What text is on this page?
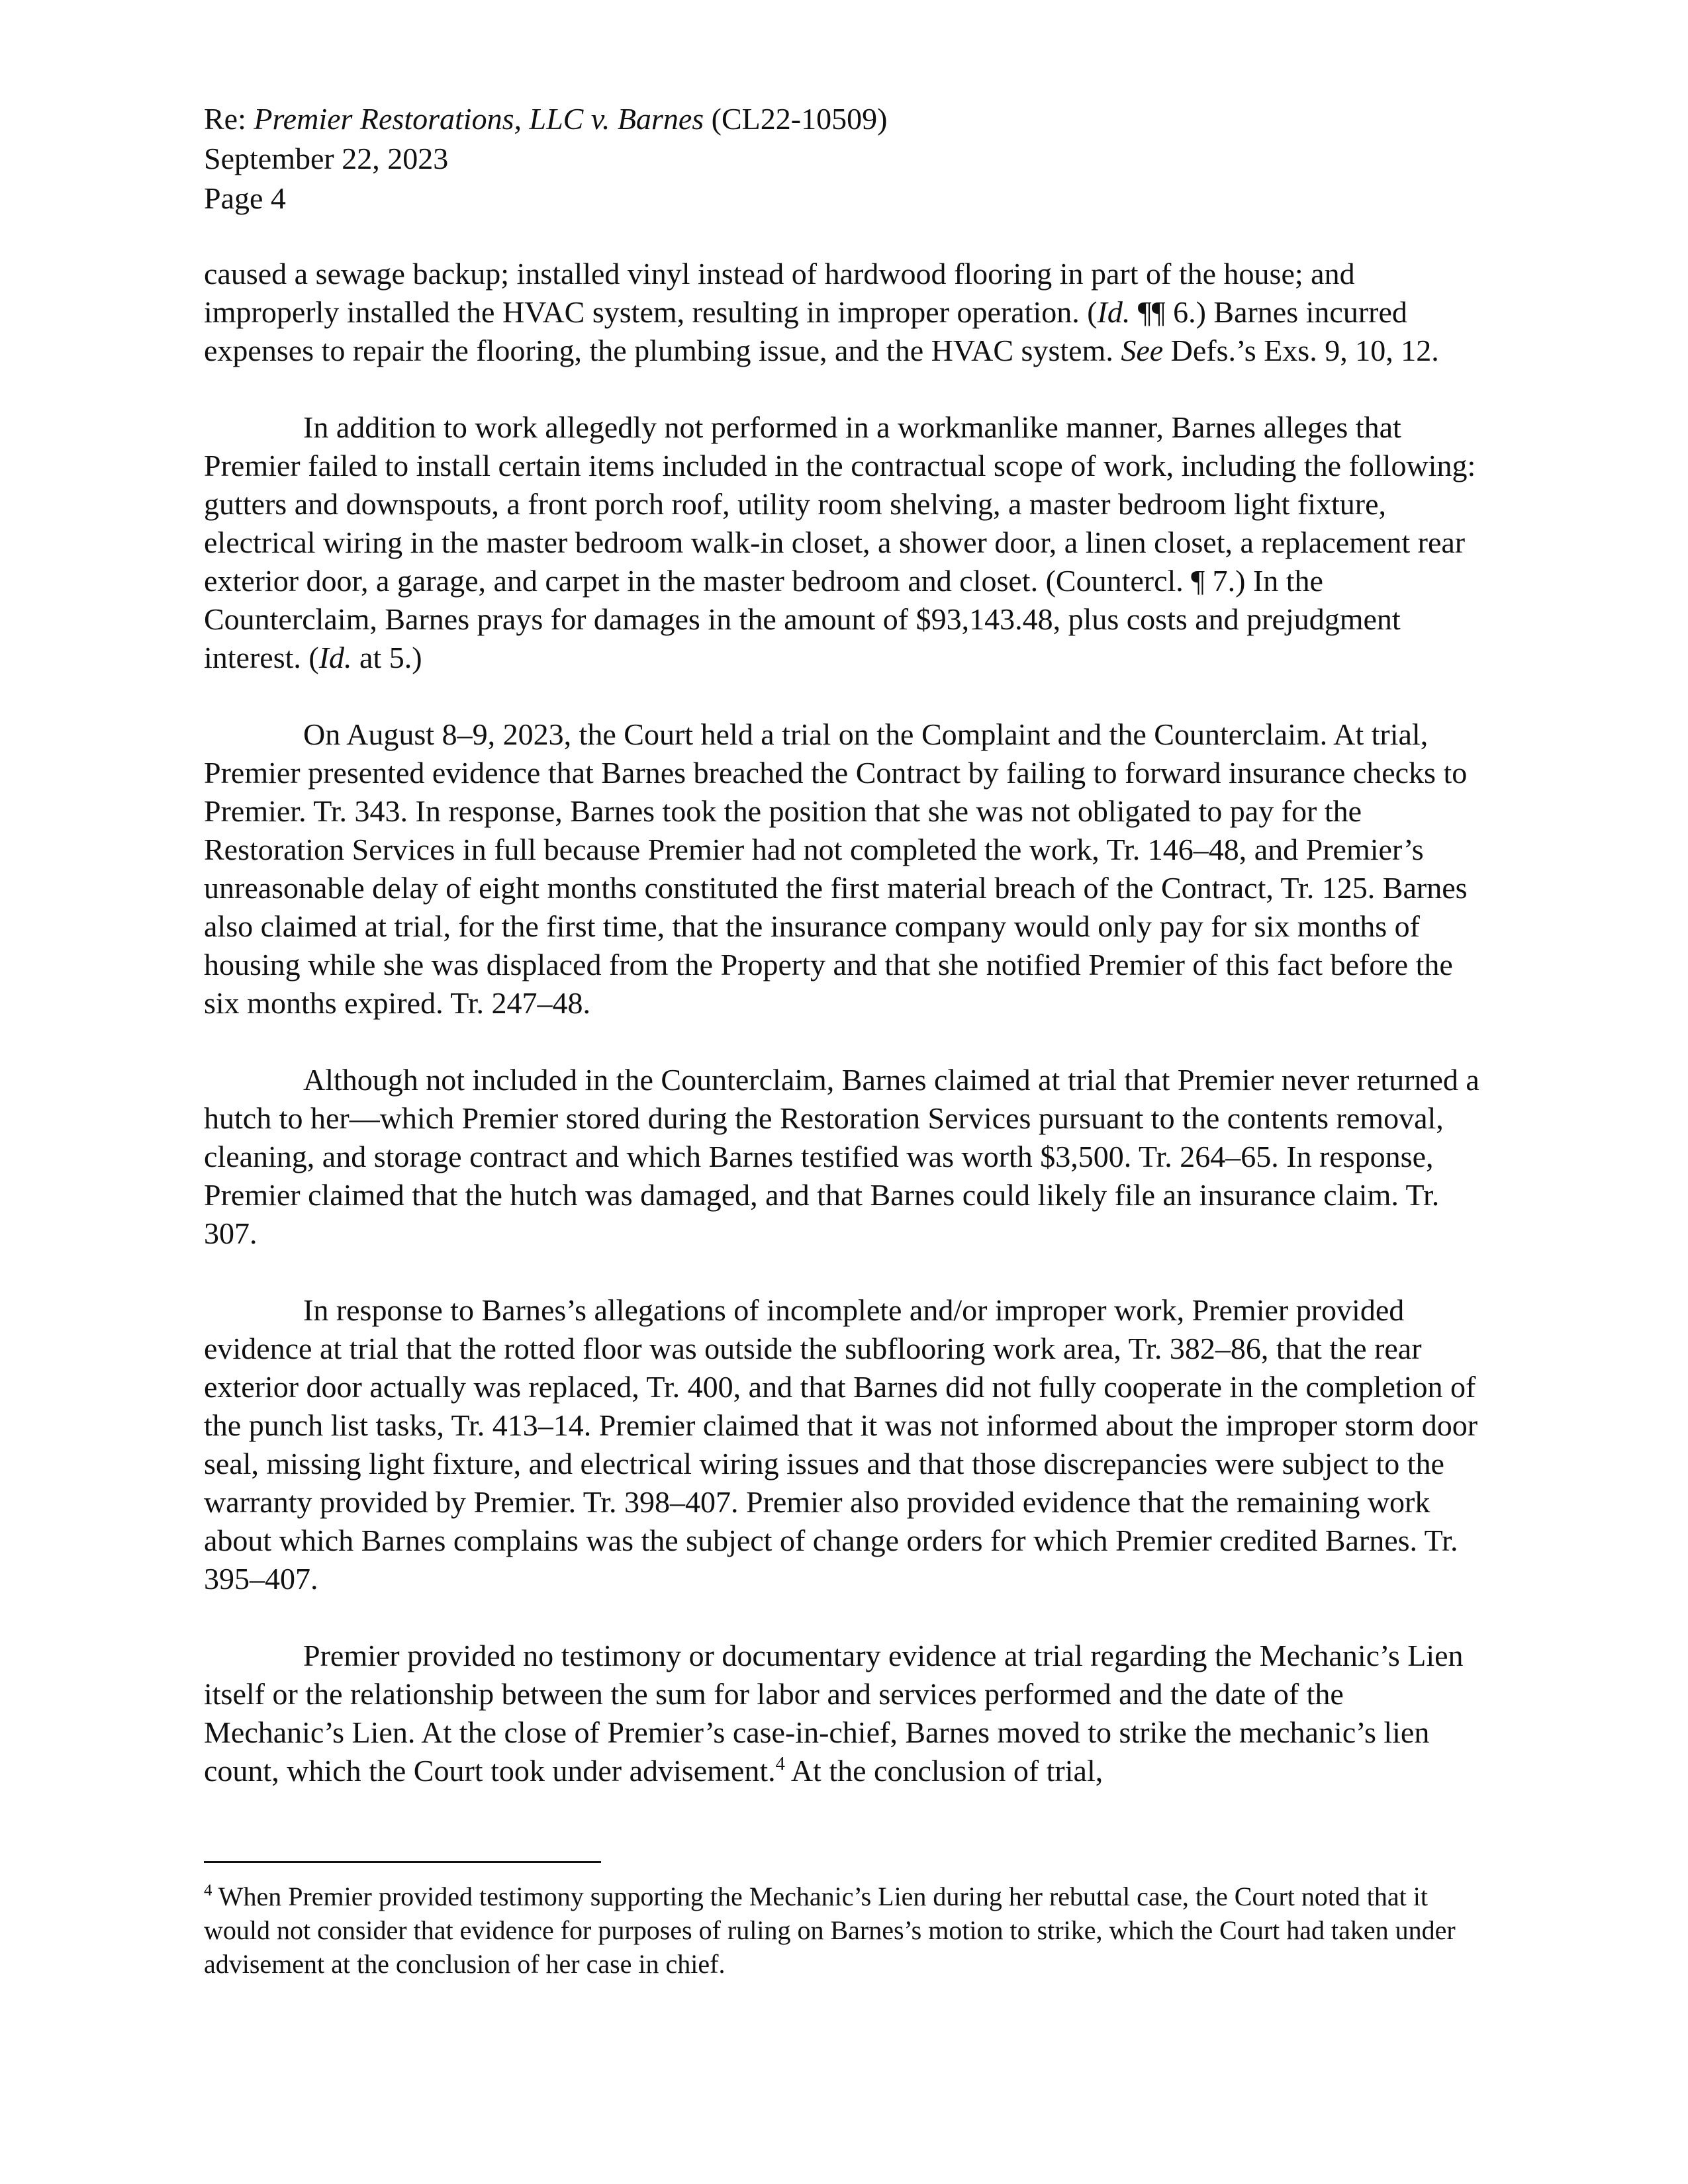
Re: Premier Restorations, LLC v. Barnes (CL22-10509)
September 22, 2023
Page 4

caused a sewage backup; installed vinyl instead of hardwood flooring in part of the house; and improperly installed the HVAC system, resulting in improper operation. (Id. ¶¶ 6.) Barnes incurred expenses to repair the flooring, the plumbing issue, and the HVAC system. See Defs.’s Exs. 9, 10, 12.

In addition to work allegedly not performed in a workmanlike manner, Barnes alleges that Premier failed to install certain items included in the contractual scope of work, including the following: gutters and downspouts, a front porch roof, utility room shelving, a master bedroom light fixture, electrical wiring in the master bedroom walk-in closet, a shower door, a linen closet, a replacement rear exterior door, a garage, and carpet in the master bedroom and closet. (Countercl. ¶ 7.) In the Counterclaim, Barnes prays for damages in the amount of $93,143.48, plus costs and prejudgment interest. (Id. at 5.)

On August 8–9, 2023, the Court held a trial on the Complaint and the Counterclaim. At trial, Premier presented evidence that Barnes breached the Contract by failing to forward insurance checks to Premier. Tr. 343. In response, Barnes took the position that she was not obligated to pay for the Restoration Services in full because Premier had not completed the work, Tr. 146–48, and Premier’s unreasonable delay of eight months constituted the first material breach of the Contract, Tr. 125. Barnes also claimed at trial, for the first time, that the insurance company would only pay for six months of housing while she was displaced from the Property and that she notified Premier of this fact before the six months expired. Tr. 247–48.

Although not included in the Counterclaim, Barnes claimed at trial that Premier never returned a hutch to her—which Premier stored during the Restoration Services pursuant to the contents removal, cleaning, and storage contract and which Barnes testified was worth $3,500. Tr. 264–65. In response, Premier claimed that the hutch was damaged, and that Barnes could likely file an insurance claim. Tr. 307.

In response to Barnes’s allegations of incomplete and/or improper work, Premier provided evidence at trial that the rotted floor was outside the subflooring work area, Tr. 382–86, that the rear exterior door actually was replaced, Tr. 400, and that Barnes did not fully cooperate in the completion of the punch list tasks, Tr. 413–14. Premier claimed that it was not informed about the improper storm door seal, missing light fixture, and electrical wiring issues and that those discrepancies were subject to the warranty provided by Premier. Tr. 398–407. Premier also provided evidence that the remaining work about which Barnes complains was the subject of change orders for which Premier credited Barnes. Tr. 395–407.

Premier provided no testimony or documentary evidence at trial regarding the Mechanic’s Lien itself or the relationship between the sum for labor and services performed and the date of the Mechanic’s Lien. At the close of Premier’s case-in-chief, Barnes moved to strike the mechanic’s lien count, which the Court took under advisement.$^4$ At the conclusion of trial,

$^4$ When Premier provided testimony supporting the Mechanic’s Lien during her rebuttal case, the Court noted that it would not consider that evidence for purposes of ruling on Barnes’s motion to strike, which the Court had taken under advisement at the conclusion of her case in chief.
